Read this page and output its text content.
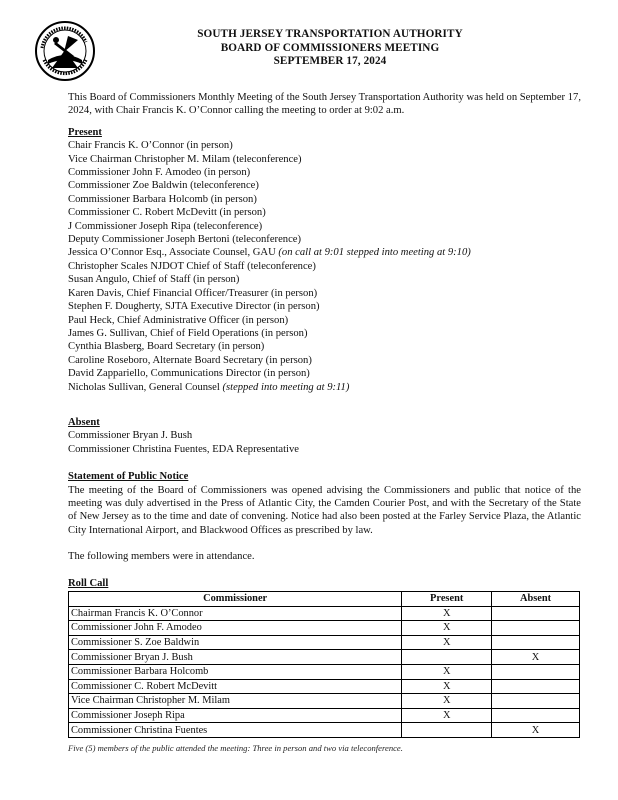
SOUTH JERSEY TRANSPORTATION AUTHORITY
BOARD OF COMMISSIONERS MEETING
SEPTEMBER 17, 2024

This Board of Commissioners Monthly Meeting of the South Jersey Transportation Authority was held on September 17, 2024, with Chair Francis K. O’Connor calling the meeting to order at 9:02 a.m.

Present
Chair Francis K. O’Connor (in person)
Vice Chairman Christopher M. Milam (teleconference)
Commissioner John F. Amodeo (in person)
Commissioner Zoe Baldwin (teleconference)
Commissioner Barbara Holcomb (in person)
Commissioner C. Robert McDevitt (in person)
J Commissioner Joseph Ripa (teleconference)
Deputy Commissioner Joseph Bertoni (teleconference)
Jessica O’Connor Esq., Associate Counsel, GAU (on call at 9:01 stepped into meeting at 9:10)
Christopher Scales NJDOT Chief of Staff (teleconference)
Susan Angulo, Chief of Staff (in person)
Karen Davis, Chief Financial Officer/Treasurer (in person)
Stephen F. Dougherty, SJTA Executive Director (in person)
Paul Heck, Chief Administrative Officer (in person)
James G. Sullivan, Chief of Field Operations (in person)
Cynthia Blasberg, Board Secretary (in person)
Caroline Roseboro, Alternate Board Secretary (in person)
David Zappariello, Communications Director (in person)
Nicholas Sullivan, General Counsel (stepped into meeting at 9:11)
Absent
Commissioner Bryan J. Bush
Commissioner Christina Fuentes, EDA Representative
Statement of Public Notice

The meeting of the Board of Commissioners was opened advising the Commissioners and public that notice of the meeting was duly advertised in the Press of Atlantic City, the Camden Courier Post, and with the Secretary of the State of New Jersey as to the time and date of convening. Notice had also been posted at the Farley Service Plaza, the Atlantic City International Airport, and Blackwood Offices as prescribed by law.

The following members were in attendance.

Roll Call
Commissioner	Present	Absent
Chairman Francis K. O’Connor	X	
Commissioner John F. Amodeo	X	
Commissioner S. Zoe Baldwin	X	
Commissioner Bryan J. Bush		X
Commissioner Barbara Holcomb	X	
Commissioner C. Robert McDevitt	X	
Vice Chairman Christopher M. Milam	X	
Commissioner Joseph Ripa	X	
Commissioner Christina Fuentes		X
Five (5) members of the public attended the meeting: Three in person and two via teleconference.
